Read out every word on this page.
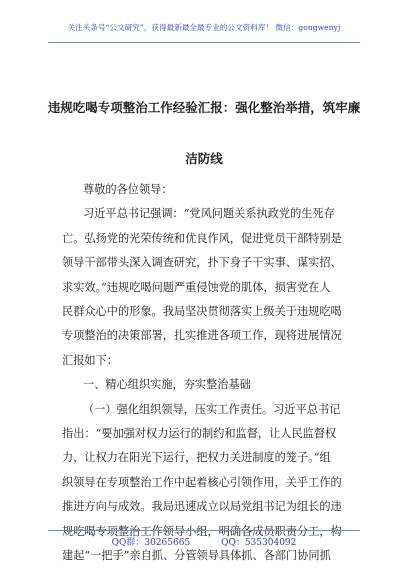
关注头条号“公文研究”，获得最新最全最专业的公文资料库！ 微信：gongwenyj
违规吃喝专项整治工作经验汇报：强化整治举措，筑牢廉
洁防线

尊敬的各位领导：

习近平总书记强调：“党风问题关系执政党的生死存

亡。弘扬党的光荣传统和优良作风，促进党员干部特别是

领导干部带头深入调查研究，扑下身子干实事、谋实招、

求实效。”违规吃喝问题严重侵蚀党的肌体，损害党在人

民群众心中的形象。我局坚决贯彻落实上级关于违规吃喝

专项整治的决策部署，扎实推进各项工作，现将进展情况

汇报如下：

一、精心组织实施，夯实整治基础

（一）强化组织领导，压实工作责任。习近平总书记

指出：“要加强对权力运行的制约和监督，让人民监督权

力，让权力在阳光下运行，把权力关进制度的笼子。”组

织领导在专项整治工作中起着核心引领作用，关乎工作的

推进方向与成效。我局迅速成立以局党组书记为组长的违

规吃喝专项整治工作领导小组，明确各成员职责分工，构

建起“一把手”亲自抓、分管领导具体抓、各部门协同抓

QQ群：30265665	QQ：535304092
